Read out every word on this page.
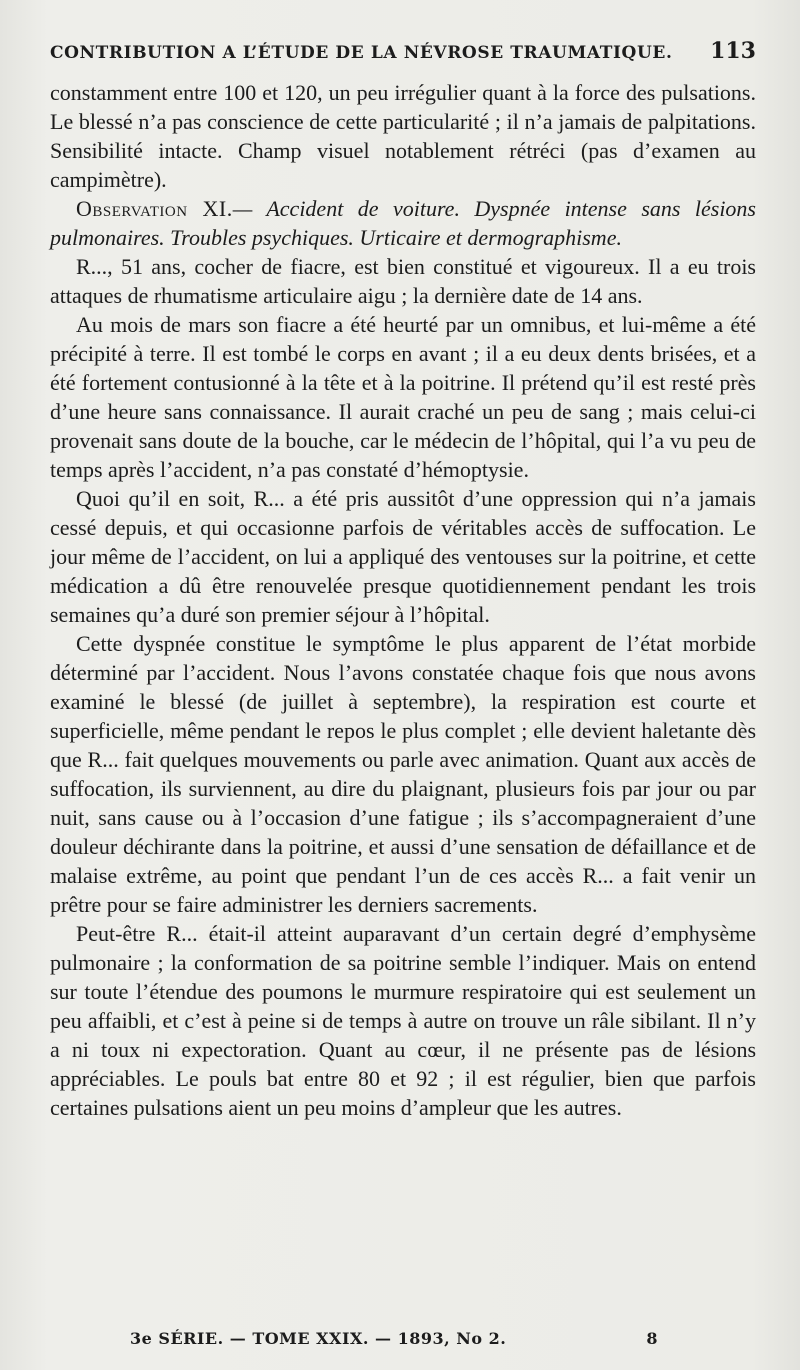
CONTRIBUTION A L’ÉTUDE DE LA NÉVROSE TRAUMATIQUE. 113

constamment entre 100 et 120, un peu irrégulier quant à la force des pulsations. Le blessé n’a pas conscience de cette particularité ; il n’a jamais de palpitations. Sensibilité intacte. Champ visuel notablement rétréci (pas d’examen au campimètre).

Observation XI.— Accident de voiture. Dyspnée intense sans lésions pulmonaires. Troubles psychiques. Urticaire et dermographisme.

R..., 51 ans, cocher de fiacre, est bien constitué et vigoureux. Il a eu trois attaques de rhumatisme articulaire aigu ; la dernière date de 14 ans.

Au mois de mars son fiacre a été heurté par un omnibus, et lui-même a été précipité à terre. Il est tombé le corps en avant ; il a eu deux dents brisées, et a été fortement contusionné à la tête et à la poitrine. Il prétend qu’il est resté près d’une heure sans connaissance. Il aurait craché un peu de sang ; mais celui-ci provenait sans doute de la bouche, car le médecin de l’hôpital, qui l’a vu peu de temps après l’accident, n’a pas constaté d’hémoptysie.

Quoi qu’il en soit, R... a été pris aussitôt d’une oppression qui n’a jamais cessé depuis, et qui occasionne parfois de véritables accès de suffocation. Le jour même de l’accident, on lui a appliqué des ventouses sur la poitrine, et cette médication a dû être renouvelée presque quotidiennement pendant les trois semaines qu’a duré son premier séjour à l’hôpital.

Cette dyspnée constitue le symptôme le plus apparent de l’état morbide déterminé par l’accident. Nous l’avons constatée chaque fois que nous avons examiné le blessé (de juillet à septembre), la respiration est courte et superficielle, même pendant le repos le plus complet ; elle devient haletante dès que R... fait quelques mouvements ou parle avec animation. Quant aux accès de suffocation, ils surviennent, au dire du plaignant, plusieurs fois par jour ou par nuit, sans cause ou à l’occasion d’une fatigue ; ils s’accompagneraient d’une douleur déchirante dans la poitrine, et aussi d’une sensation de défaillance et de malaise extrême, au point que pendant l’un de ces accès R... a fait venir un prêtre pour se faire administrer les derniers sacrements.

Peut-être R... était-il atteint auparavant d’un certain degré d’emphysème pulmonaire ; la conformation de sa poitrine semble l’indiquer. Mais on entend sur toute l’étendue des poumons le murmure respiratoire qui est seulement un peu affaibli, et c’est à peine si de temps à autre on trouve un râle sibilant. Il n’y a ni toux ni expectoration. Quant au cœur, il ne présente pas de lésions appréciables. Le pouls bat entre 80 et 92 ; il est régulier, bien que parfois certaines pulsations aient un peu moins d’ampleur que les autres.

3e SÉRIE. — TOME XXIX. — 1893, No 2.	8
